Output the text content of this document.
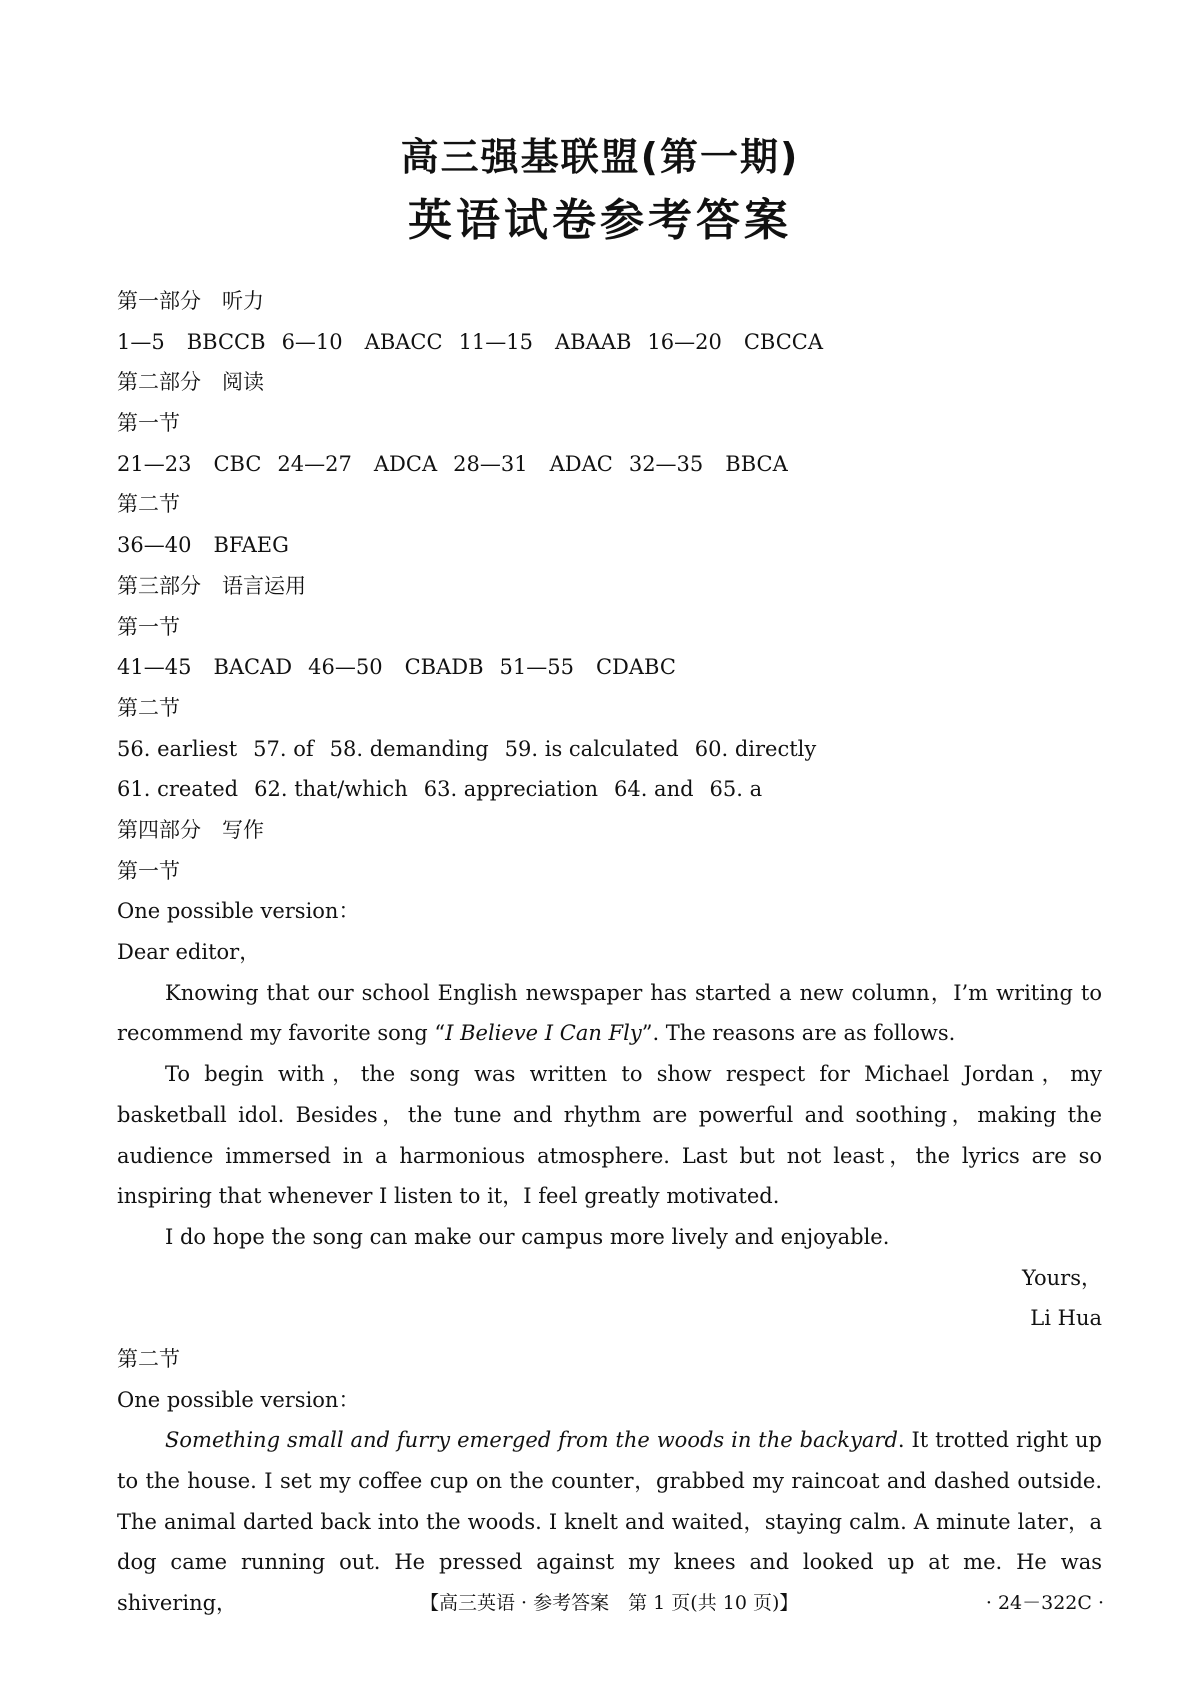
高三强基联盟(第一期)
英语试卷参考答案
第一部分　听力
1—5 BBCCB 6—10 ABACC 11—15 ABAAB 16—20 CBCCA
第二部分　阅读
第一节
21—23 CBC 24—27 ADCA 28—31 ADAC 32—35 BBCA
第二节
36—40 BFAEG
第三部分　语言运用
第一节
41—45 BACAD 46—50 CBADB 51—55 CDABC
第二节
56. earliest 57. of 58. demanding 59. is calculated 60. directly
61. created 62. that/which 63. appreciation 64. and 65. a
第四部分　写作
第一节
One possible version：
Dear editor，

Knowing that our school English newspaper has started a new column，I’m writing to recommend my favorite song “I Believe I Can Fly”. The reasons are as follows.

To begin with，the song was written to show respect for Michael Jordan，my basketball idol. Besides，the tune and rhythm are powerful and soothing，making the audience immersed in a harmonious atmosphere. Last but not least，the lyrics are so inspiring that whenever I listen to it，I feel greatly motivated.

I do hope the song can make our campus more lively and enjoyable.

Yours，
Li Hua
第二节
One possible version：

Something small and furry emerged from the woods in the backyard. It trotted right up to the house. I set my coffee cup on the counter，grabbed my raincoat and dashed outside. The animal darted back into the woods. I knelt and waited，staying calm. A minute later，a dog came running out. He pressed against my knees and looked up at me. He was shivering，	【高三英语 · 参考答案　第 1 页(共 10 页)】	· 24－322C ·
